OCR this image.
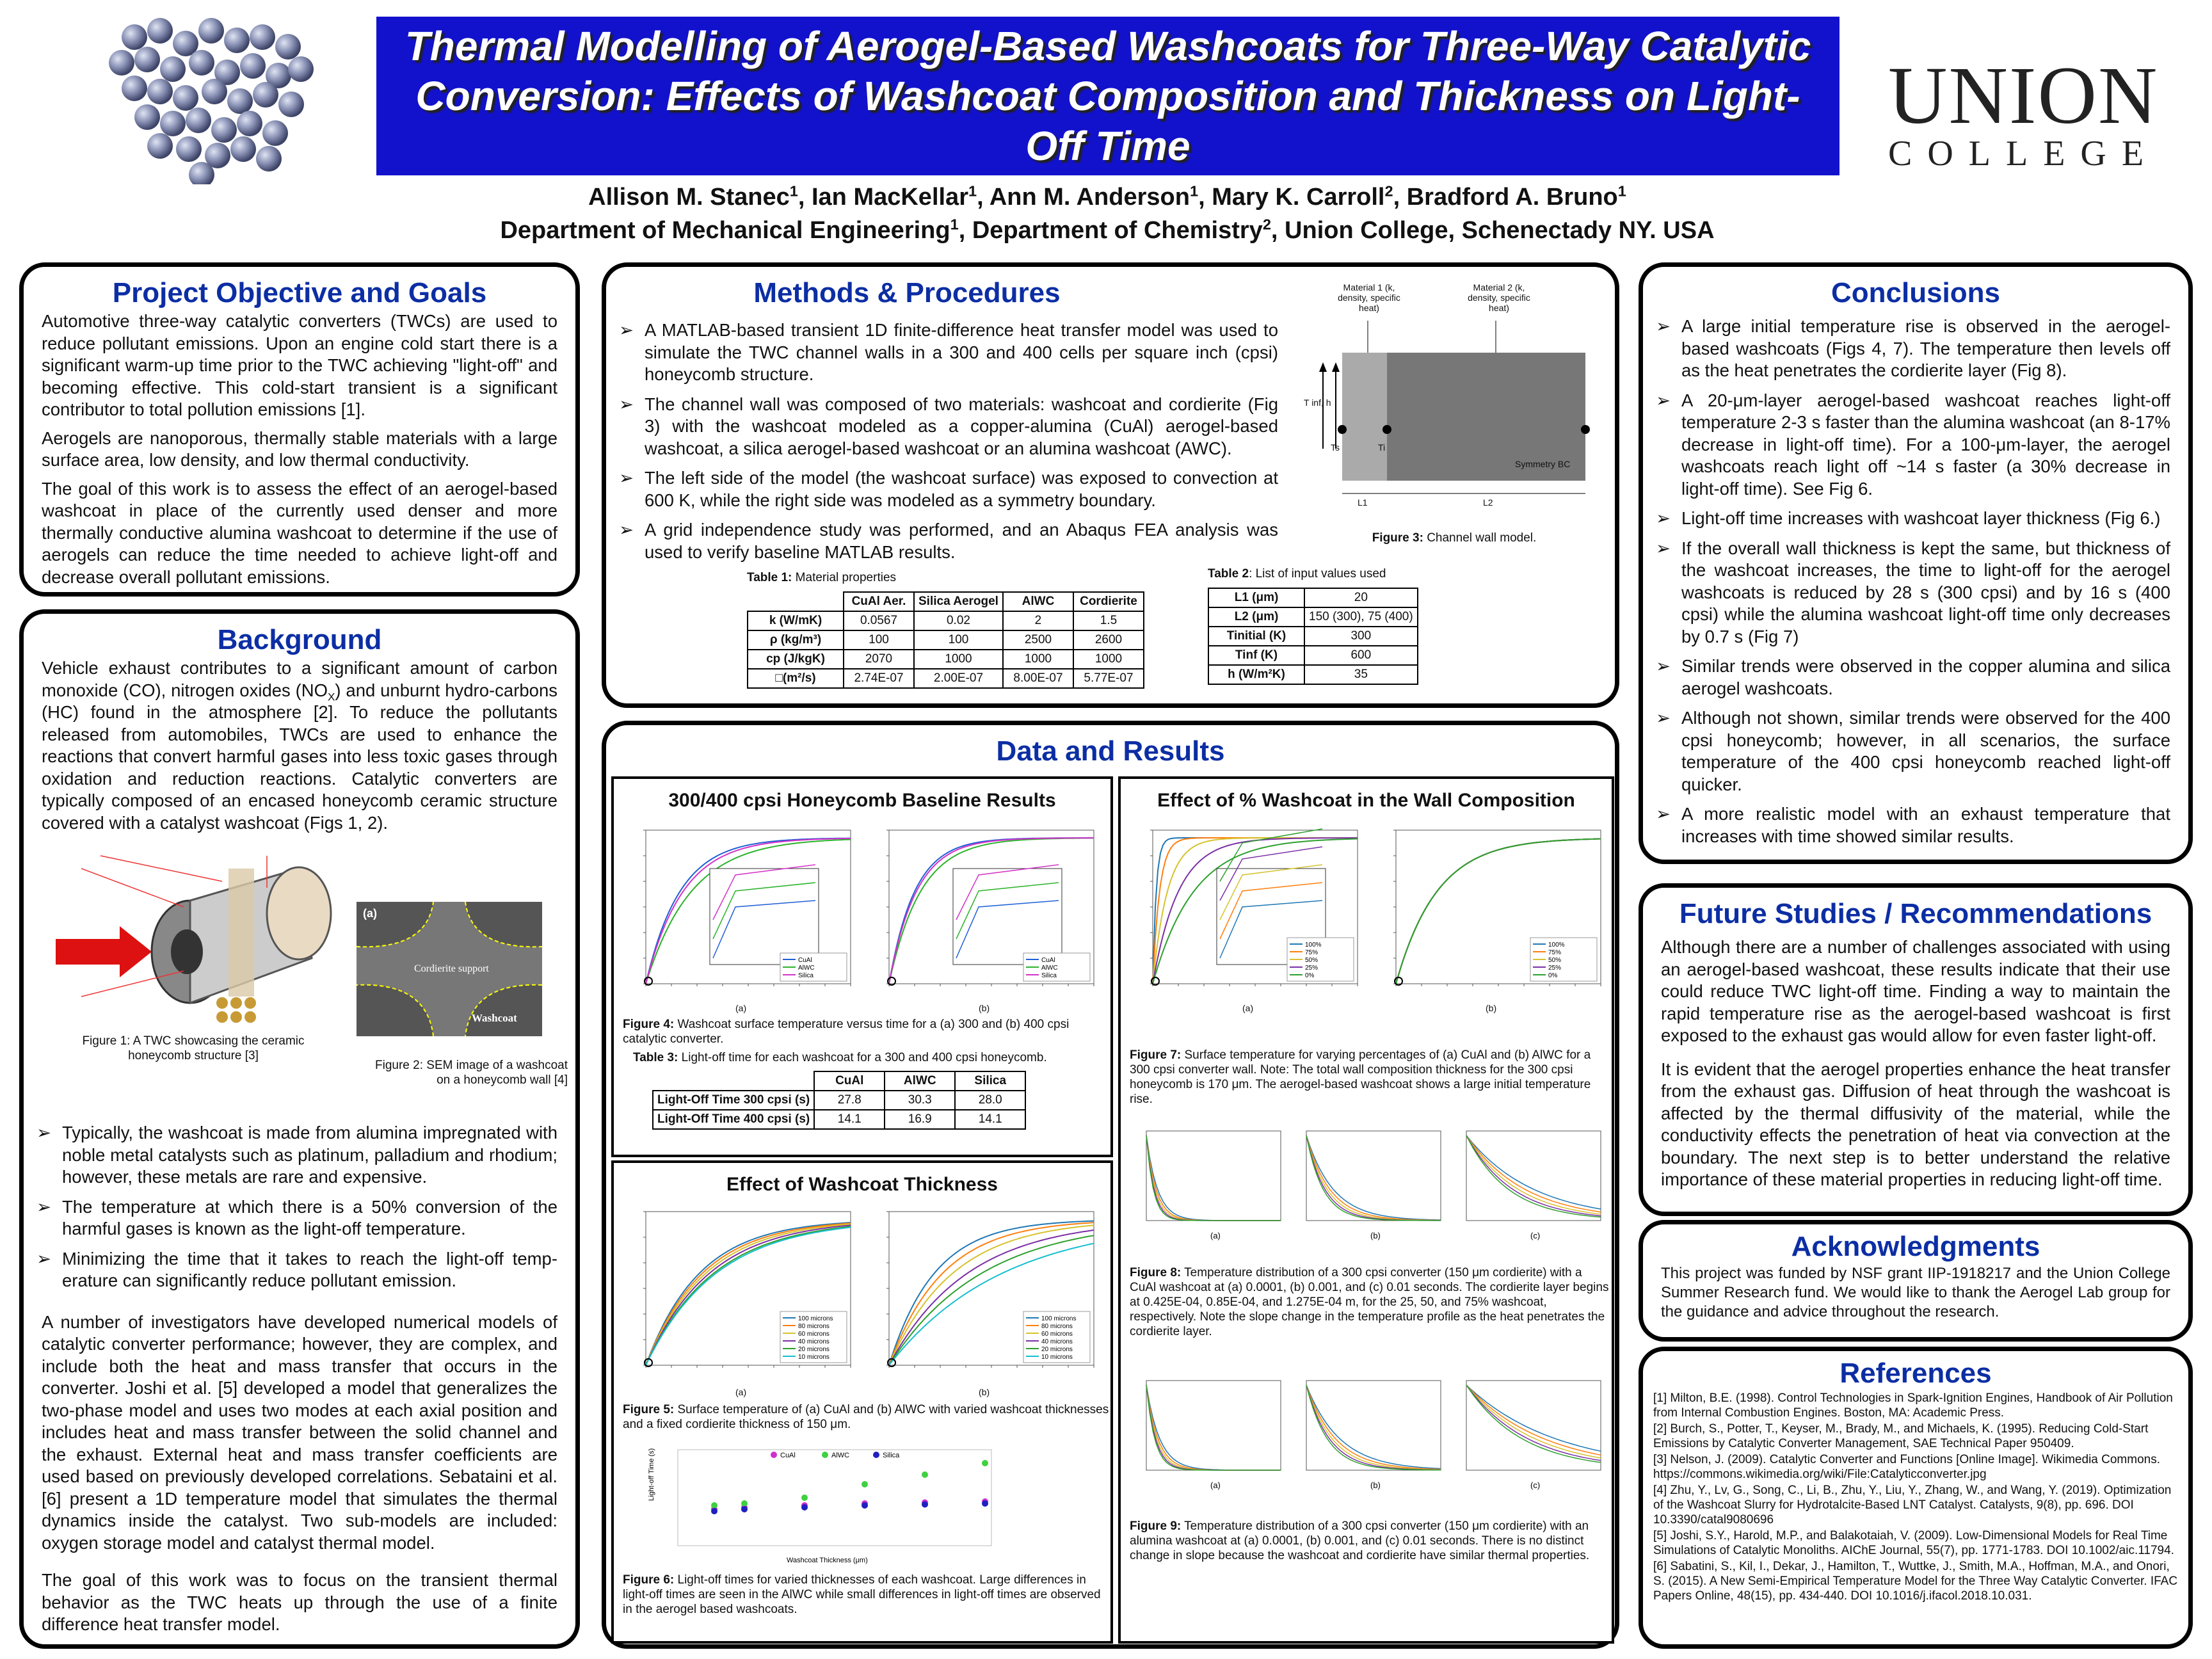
Thermal Modelling of Aerogel-Based Washcoats for Three-Way Catalytic Conversion: Effects of Washcoat Composition and Thickness on Light-Off Time
UNION
COLLEGE
Allison M. Stanec$^1$, Ian MacKellar$^1$, Ann M. Anderson$^1$, Mary K. Carroll$^2$, Bradford A. Bruno$^1$
Department of Mechanical Engineering$^1$, Department of Chemistry$^2$, Union College, Schenectady NY. USA
Project Objective and Goals

Automotive three-way catalytic converters (TWCs) are used to reduce pollutant emissions. Upon an engine cold start there is a significant warm-up time prior to the TWC achieving "light-off" and becoming effective. This cold-start transient is a significant contributor to total pollution emissions [1].

Aerogels are nanoporous, thermally stable materials with a large surface area, low density, and low thermal conductivity.

The goal of this work is to assess the effect of an aerogel-based washcoat in place of the currently used denser and more thermally conductive alumina washcoat to determine if the use of aerogels can reduce the time needed to achieve light-off and decrease overall pollutant emissions.

Background

Vehicle exhaust contributes to a significant amount of carbon monoxide (CO), nitrogen oxides $(NO_X)$ and unburnt hydro-carbons (HC) found in the atmosphere [2]. To reduce the pollutants released from automobiles, TWCs are used to enhance the reactions that convert harmful gases into less toxic gases through oxidation and reduction reactions. Catalytic converters are typically composed of an encased honeycomb ceramic structure covered with a catalyst washcoat (Figs 1, 2).

(a)
Cordierite support
Washcoat
Figure 1: A TWC showcasing the ceramic honeycomb structure [3]
Figure 2: SEM image of a washcoat on a honeycomb wall [4]
➢ Typically, the washcoat is made from alumina impregnated with noble metal catalysts such as platinum, palladium and rhodium; however, these metals are rare and expensive.
➢ The temperature at which there is a 50% conversion of the harmful gases is known as the light-off temperature.
➢ Minimizing the time that it takes to reach the light-off temp-erature can significantly reduce pollutant emission.

A number of investigators have developed numerical models of catalytic converter performance; however, they are complex, and include both the heat and mass transfer that occurs in the converter. Joshi et al. [5] developed a model that generalizes the two-phase model and uses two modes at each axial position and includes heat and mass transfer between the solid channel and the exhaust. External heat and mass transfer coefficients are used based on previously developed correlations. Sebataini et al. [6] present a 1D temperature model that simulates the thermal dynamics inside the catalyst. Two sub-models are included: oxygen storage model and catalyst thermal model.

The goal of this work was to focus on the transient thermal behavior as the TWC heats up through the use of a finite difference heat transfer model.

Methods & Procedures
➢ A MATLAB-based transient 1D finite-difference heat transfer model was used to simulate the TWC channel walls in a 300 and 400 cells per square inch (cpsi) honeycomb structure.
➢ The channel wall was composed of two materials: washcoat and cordierite (Fig 3) with the washcoat modeled as a copper-alumina (CuAl) aerogel-based washcoat, a silica aerogel-based washcoat or an alumina washcoat (AWC).
➢ The left side of the model (the washcoat surface) was exposed to convection at 600 K, while the right side was modeled as a symmetry boundary.
➢ A grid independence study was performed, and an Abaqus FEA analysis was used to verify baseline MATLAB results.
Material 1 (k, density, specific heat)
Material 2 (k, density, specific heat)
T inf, h
Ts	Ti
Symmetry BC
L1	L2
Figure 3: Channel wall model.
Table 1: Material properties
	CuAl Aer.	Silica Aerogel	AlWC	Cordierite
k (W/mK)	0.0567	0.02	2	1.5
ρ (kg/m³)	100	100	2500	2600
cp (J/kgK)	2070	1000	1000	1000
□(m²/s)	2.74E-07	2.00E-07	8.00E-07	5.77E-07
Table 2: List of input values used
L1 (μm)	20
L2 (μm)	150 (300), 75 (400)
Tinitial (K)	300
Tinf (K)	600
h (W/m²K)	35
Data and Results
300/400 cpsi Honeycomb Baseline Results
CuAl
AlWC
Silica
CuAl
AlWC
Silica
(a)	(b)
Figure 4: Washcoat surface temperature versus time for a (a) 300 and (b) 400 cpsi catalytic converter.
Table 3: Light-off time for each washcoat for a 300 and 400 cpsi honeycomb.
	CuAl	AlWC	Silica
Light-Off Time 300 cpsi (s)	27.8	30.3	28.0
Light-Off Time 400 cpsi (s)	14.1	16.9	14.1
Effect of Washcoat Thickness
100 microns
80 microns
60 microns
40 microns
20 microns
10 microns
100 microns
80 microns
60 microns
40 microns
20 microns
10 microns
(a)	(b)
Figure 5: Surface temperature of (a) CuAl and (b) AlWC with varied washcoat thicknesses and a fixed cordierite thickness of 150 μm.
Light-off Time (s)
Washcoat Thickness (μm)
CuAl	AlWC	Silica
Figure 6: Light-off times for varied thicknesses of each washcoat. Large differences in light-off times are seen in the AlWC while small differences in light-off times are observed in the aerogel based washcoats.
Effect of % Washcoat in the Wall Composition
100%
75%
50%
25%
0%
100%
75%
50%
25%
0%
(a)	(b)
Figure 7: Surface temperature for varying percentages of (a) CuAl and (b) AlWC for a 300 cpsi converter wall. Note: The total wall composition thickness for the 300 cpsi honeycomb is 170 μm. The aerogel-based washcoat shows a large initial temperature rise.
(a)	(b)	(c)
Figure 8: Temperature distribution of a 300 cpsi converter (150 μm cordierite) with a CuAl washcoat at (a) 0.0001, (b) 0.001, and (c) 0.01 seconds. The cordierite layer begins at 0.425E-04, 0.85E-04, and 1.275E-04 m, for the 25, 50, and 75% washcoat, respectively. Note the slope change in the temperature profile as the heat penetrates the cordierite layer.
(a)	(b)	(c)
Figure 9: Temperature distribution of a 300 cpsi converter (150 μm cordierite) with an alumina washcoat at (a) 0.0001, (b) 0.001, and (c) 0.01 seconds. There is no distinct change in slope because the washcoat and cordierite have similar thermal properties.
Conclusions
➢ A large initial temperature rise is observed in the aerogel-based washcoats (Figs 4, 7). The temperature then levels off as the heat penetrates the cordierite layer (Fig 8).
➢ A 20-μm-layer aerogel-based washcoat reaches light-off temperature 2-3 s faster than the alumina washcoat (an 8-17% decrease in light-off time). For a 100-μm-layer, the aerogel washcoats reach light off ~14 s faster (a 30% decrease in light-off time). See Fig 6.
➢ Light-off time increases with washcoat layer thickness (Fig 6.)
➢ If the overall wall thickness is kept the same, but thickness of the washcoat increases, the time to light-off for the aerogel washcoats is reduced by 28 s (300 cpsi) and by 16 s (400 cpsi) while the alumina washcoat light-off time only decreases by 0.7 s (Fig 7)
➢ Similar trends were observed in the copper alumina and silica aerogel washcoats.
➢ Although not shown, similar trends were observed for the 400 cpsi honeycomb; however, in all scenarios, the surface temperature of the 400 cpsi honeycomb reached light-off quicker.
➢ A more realistic model with an exhaust temperature that increases with time showed similar results.
Future Studies / Recommendations

Although there are a number of challenges associated with using an aerogel-based washcoat, these results indicate that their use could reduce TWC light-off time. Finding a way to maintain the rapid temperature rise as the aerogel-based washcoat is first exposed to the exhaust gas would allow for even faster light-off.

It is evident that the aerogel properties enhance the heat transfer from the exhaust gas. Diffusion of heat through the washcoat is affected by the thermal diffusivity of the material, while the conductivity effects the penetration of heat via convection at the boundary. The next step is to better understand the relative importance of these material properties in reducing light-off time.

Acknowledgments

This project was funded by NSF grant IIP-1918217 and the Union College Summer Research fund. We would like to thank the Aerogel Lab group for the guidance and advice throughout the research.

References

[1] Milton, B.E. (1998). Control Technologies in Spark-Ignition Engines, Handbook of Air Pollution from Internal Combustion Engines. Boston, MA: Academic Press.

[2] Burch, S., Potter, T., Keyser, M., Brady, M., and Michaels, K. (1995). Reducing Cold-Start Emissions by Catalytic Converter Management, SAE Technical Paper 950409.

[3] Nelson, J. (2009). Catalytic Converter and Functions [Online Image]. Wikimedia Commons. https://commons.wikimedia.org/wiki/File:Catalyticconverter.jpg

[4] Zhu, Y., Lv, G., Song, C., Li, B., Zhu, Y., Liu, Y., Zhang, W., and Wang, Y. (2019). Optimization of the Washcoat Slurry for Hydrotalcite-Based LNT Catalyst. Catalysts, 9(8), pp. 696. DOI 10.3390/catal9080696

[5] Joshi, S.Y., Harold, M.P., and Balakotaiah, V. (2009). Low-Dimensional Models for Real Time Simulations of Catalytic Monoliths. AIChE Journal, 55(7), pp. 1771-1783. DOI 10.1002/aic.11794.

[6] Sabatini, S., Kil, I., Dekar, J., Hamilton, T., Wuttke, J., Smith, M.A., Hoffman, M.A., and Onori, S. (2015). A New Semi-Empirical Temperature Model for the Three Way Catalytic Converter. IFAC Papers Online, 48(15), pp. 434-440. DOI 10.1016/j.ifacol.2018.10.031.
